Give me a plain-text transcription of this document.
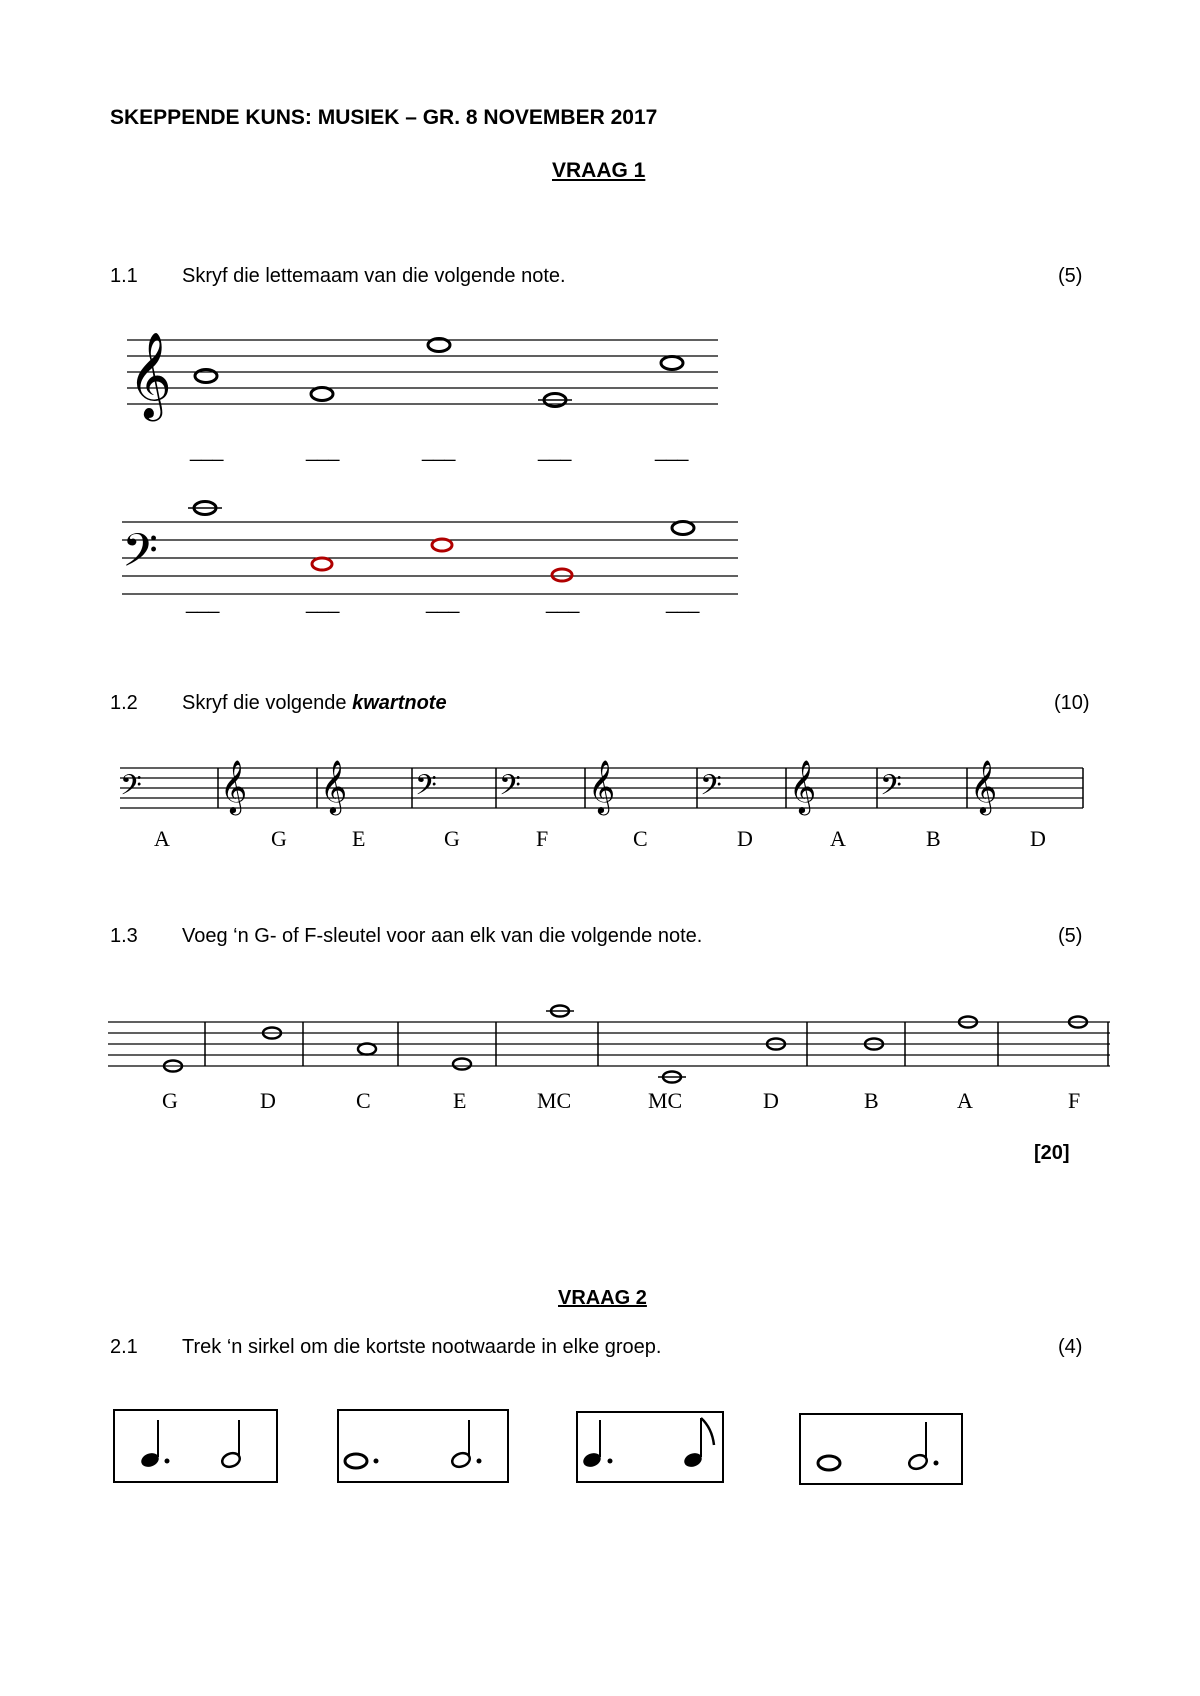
SKEPPENDE KUNS: MUSIEK – GR. 8 NOVEMBER 2017
VRAAG 1
1.1 Skryf die lettemaam van die volgende note.	(5)
𝄞
___	___	___	___	___
𝄢
___	___	___	___	___
1.2 Skryf die volgende kwartnote	(10)
𝄢 𝄞 𝄞 𝄢 𝄢 𝄞 𝄢 𝄞 𝄢 𝄞
A	G	E	G	F	C	D	A	B	D
1.3 Voeg ‘n G- of F-sleutel voor aan elk van die volgende note.	(5)
G	D	C	E	MC	MC	D	B	A	F
[20]
VRAAG 2
2.1 Trek ‘n sirkel om die kortste nootwaarde in elke groep.	(4)
